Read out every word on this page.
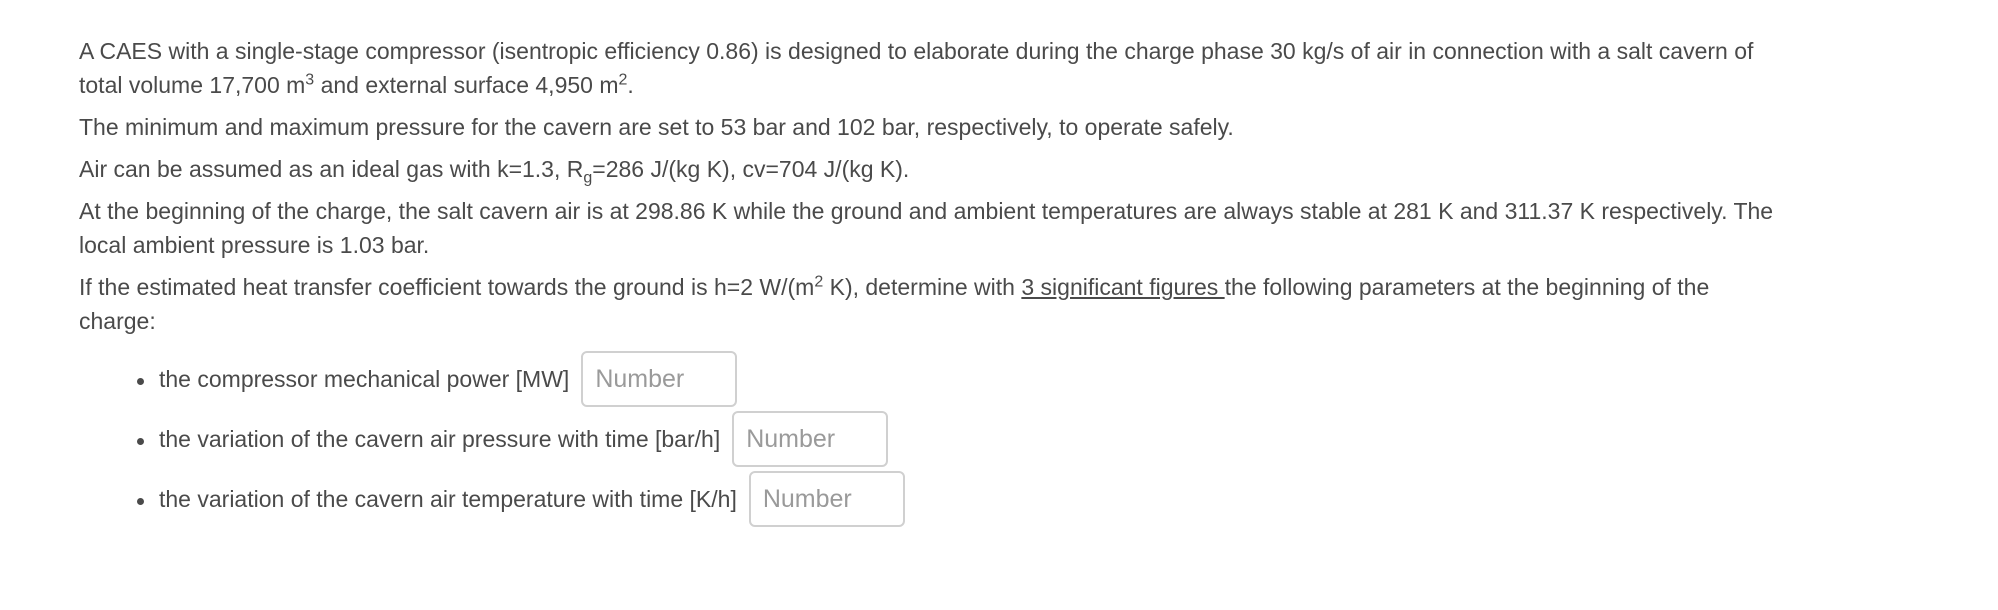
A CAES with a single-stage compressor (isentropic efficiency 0.86) is designed to elaborate during the charge phase 30 kg/s of air in connection with a salt cavern of total volume 17,700 $m^3$ and external surface 4,950 $m^2$.

The minimum and maximum pressure for the cavern are set to 53 bar and 102 bar, respectively, to operate safely.

Air can be assumed as an ideal gas with k=1.3, $R_g=286$ J/(kg K), cv=704 J/(kg K).

At the beginning of the charge, the salt cavern air is at 298.86 K while the ground and ambient temperatures are always stable at 281 K and 311.37 K respectively. The local ambient pressure is 1.03 bar.

If the estimated heat transfer coefficient towards the ground is h=2 $W/(m^2$ K), determine with 3 significant figures the following parameters at the beginning of the charge:

the compressor mechanical power [MW]
Number
the variation of the cavern air pressure with time [bar/h]
Number
the variation of the cavern air temperature with time [K/h]
Number
